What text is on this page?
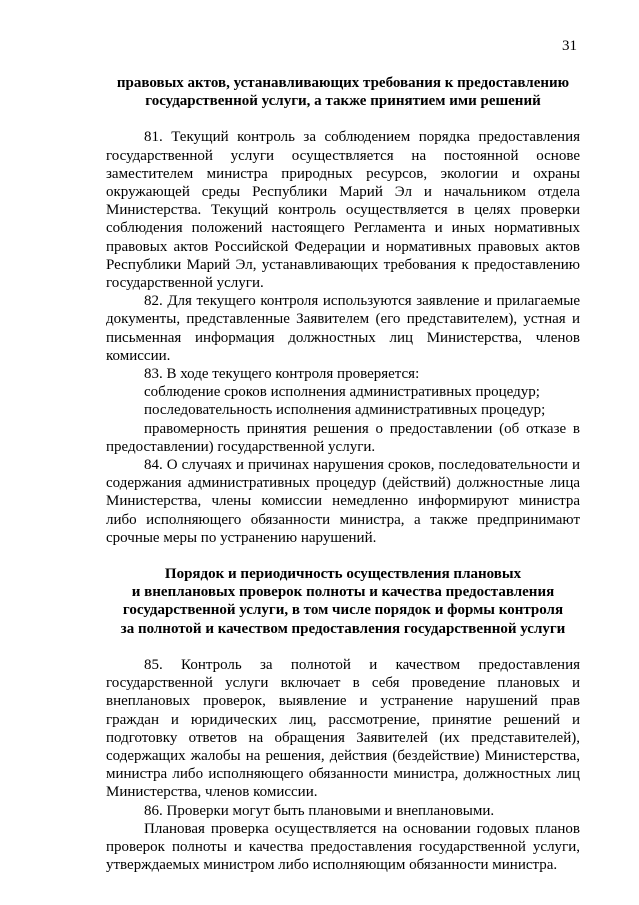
31

правовых актов, устанавливающих требования к предоставлению
государственной услуги, а также принятием ими решений

81. Текущий контроль за соблюдением порядка предоставления государственной услуги осуществляется на постоянной основе заместителем министра природных ресурсов, экологии и охраны окружающей среды Республики Марий Эл и начальником отдела Министерства. Текущий контроль осуществляется в целях проверки соблюдения положений настоящего Регламента и иных нормативных правовых актов Российской Федерации и нормативных правовых актов Республики Марий Эл, устанавливающих требования к предоставлению государственной услуги.

82. Для текущего контроля используются заявление и прилагаемые документы, представленные Заявителем (его представителем), устная и письменная информация должностных лиц Министерства, членов комиссии.

83. В ходе текущего контроля проверяется:

соблюдение сроков исполнения административных процедур;

последовательность исполнения административных процедур;

правомерность принятия решения о предоставлении (об отказе в предоставлении) государственной услуги.

84. О случаях и причинах нарушения сроков, последовательности и содержания административных процедур (действий) должностные лица Министерства, члены комиссии немедленно информируют министра либо исполняющего обязанности министра, а также предпринимают срочные меры по устранению нарушений.

Порядок и периодичность осуществления плановых
и внеплановых проверок полноты и качества предоставления
государственной услуги, в том числе порядок и формы контроля
за полнотой и качеством предоставления государственной услуги

85. Контроль за полнотой и качеством предоставления государственной услуги включает в себя проведение плановых и внеплановых проверок, выявление и устранение нарушений прав граждан и юридических лиц, рассмотрение, принятие решений и подготовку ответов на обращения Заявителей (их представителей), содержащих жалобы на решения, действия (бездействие) Министерства, министра либо исполняющего обязанности министра, должностных лиц Министерства, членов комиссии.

86. Проверки могут быть плановыми и внеплановыми.

Плановая проверка осуществляется на основании годовых планов проверок полноты и качества предоставления государственной услуги, утверждаемых министром либо исполняющим обязанности министра.
